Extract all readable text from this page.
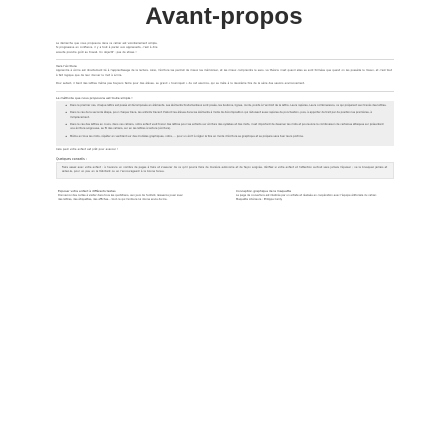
Avant-propos
La démarche que nous proposons dans ce cahier est volontairement simple.
Si progressive en confiance, il y a tout à parler aux apprenants, c'est à dire
ensuite prendre goût au travail. Un objectif : pas de stress !
Vers l'écriture
Apprendre à écrire est directement lié à l'apprentissage de la lecture. Ainsi, l'écriture les permet de mieux les mémoriser, et les mieux comprendre le sens. La théorie n'est quand elles se sont formées que quand on les possède le mieux, et c'est tout à fait logique que de leur donner le mot à écrire.
Pour autant, il tient des lettres même pas toujours facile pour des élèves. Le grand « tourniquet » de cet exercice, qui se mêle à la deuxième fois de la série des savoirs environnement.
La méthode que nous proposons est toute simple !
• Dans le premier cas, chaque lettre est posée et décomposée en éléments. Les éléments fondamentaux sont posés, les boutons, lignes, ronds, points à l'endroit de la lettre. Leurs repères, Leurs combinaisons, ce qui préparent aux tracés des lettres.
• Dans le cas de la seconde étape, pour chaque trace, les enfants tracent d'abord les élèves dans les éléments à l'aide de décomposition qui réduisent aussi repères de ponctuation, puis, à apporter de trait par de position les premières, à l'emplacement.
• Dans le cas des lettres en cours, dans ces cahiers, notre enfant veut tracer des lettres pour les enfants sur écriture des syllabes et des mots, il est important de dessiner les mots et poursuivre la combinaison de certaines attaques sur présentant une écriture soigneuse, au fil des cahiers, sur en les lettres à lecture (écriture).
• Même en tous les mots, répéter en ventilant sur des modèles graphiques, notre, ... pour un écrit à régler la fois en mode d'écriture se graphique et se prépare sans tuer leurs poitrine.
Cela peut votre enfant est prêt pour avancer !
Quelques conseils :
Faire assez avec votre enfant : à l'avance un nombre de pages à faire et s'assurer de ce qu'il pourra faire de manière autonome et de façon soignée. Vérifiez si votre enfant et l'attention surtout sans jamais l'épuiser ; ne le brusquez jamais et aidez-le, pour un peu en le félicitant ou en l'encourageant à la bonne tenue.
Exposer votre enfant à différents textes
Donnez-lui des cartes à visiter dans tous les quotidiens, aux jeux de l'enfant, laissez-le jouer avec des lettres, des étiquettes, des affiches… tout ce qui l'entoure lui donne envie de lire.
Conception graphique de la maquette
La page de couverture est illustrée par un artiste et réalisée en coopération avec l'équipe éditoriale du cahier.
Maquette intérieure : Philippe Cardy
